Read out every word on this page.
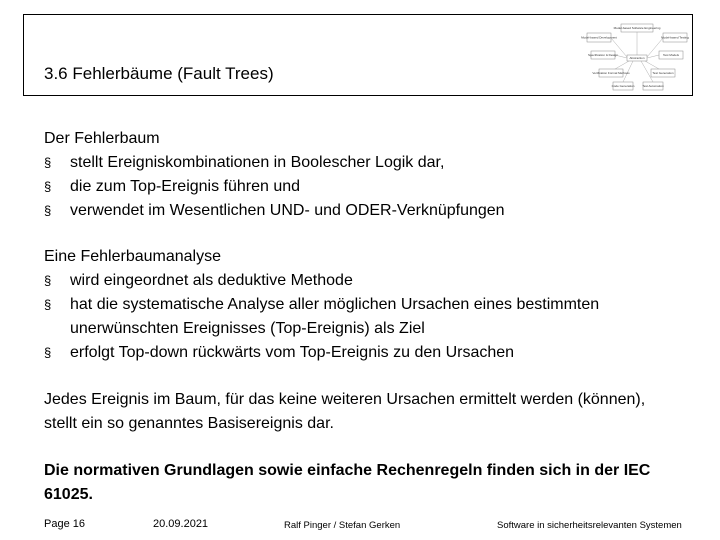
3.6 Fehlerbäume (Fault Trees)
Model-based Software Engineering
Model-based Development	Model-based Testing
Abstraction
Specification & Design	Test Models
Verification Formal Methods	Test Generation
Code Generation	Test Automation
Der Fehlerbaum
§ stellt Ereigniskombinationen in Boolescher Logik dar,
§ die zum Top-Ereignis führen und
§ verwendet im Wesentlichen UND- und ODER-Verknüpfungen
Eine Fehlerbaumanalyse
§ wird eingeordnet als deduktive Methode
§ hat die systematische Analyse aller möglichen Ursachen eines bestimmten unerwünschten Ereignisses (Top-Ereignis) als Ziel
§ erfolgt Top-down rückwärts vom Top-Ereignis zu den Ursachen
Jedes Ereignis im Baum, für das keine weiteren Ursachen ermittelt werden (können), stellt ein so genanntes Basisereignis dar.
Die normativen Grundlagen sowie einfache Rechenregeln finden sich in der IEC 61025.
Page 16	20.09.2021	Ralf Pinger / Stefan Gerken	Software in sicherheitsrelevanten Systemen
